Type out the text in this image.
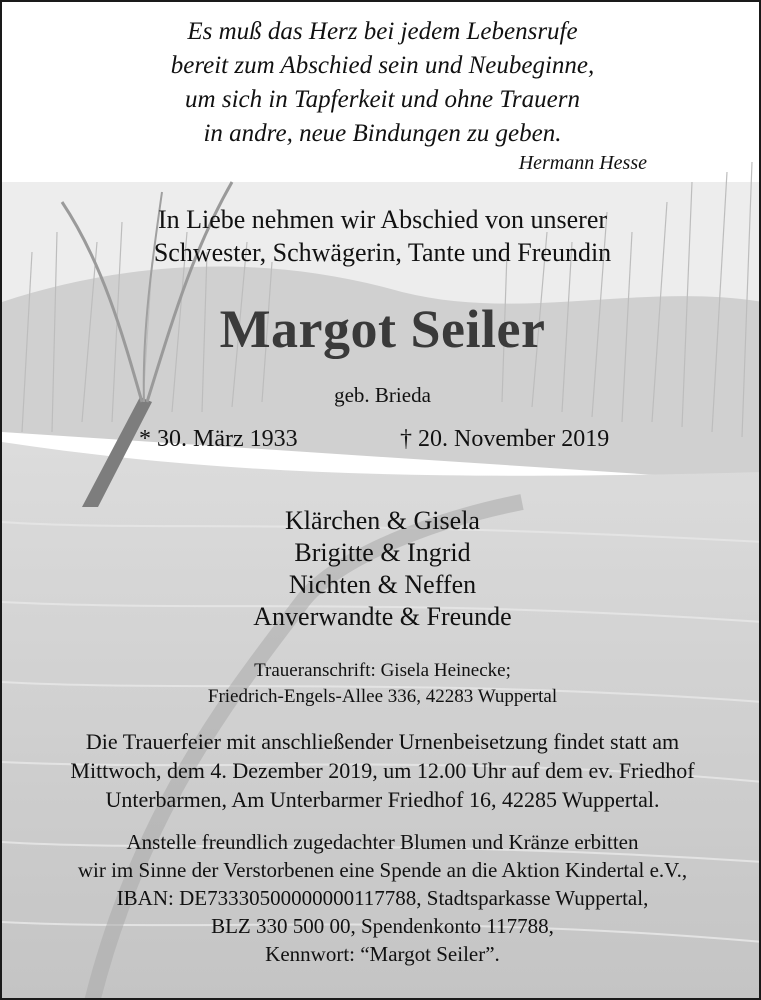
Es muß das Herz bei jedem Lebensrufe
bereit zum Abschied sein und Neubeginne,
um sich in Tapferkeit und ohne Trauern
in andre, neue Bindungen zu geben.
Hermann Hesse
In Liebe nehmen wir Abschied von unserer
Schwester, Schwägerin, Tante und Freundin
Margot Seiler
geb. Brieda
* 30. März 1933	† 20. November 2019
Klärchen & Gisela
Brigitte & Ingrid
Nichten & Neffen
Anverwandte & Freunde
Traueranschrift: Gisela Heinecke;
Friedrich-Engels-Allee 336, 42283 Wuppertal
Die Trauerfeier mit anschließender Urnenbeisetzung findet statt am
Mittwoch, dem 4. Dezember 2019, um 12.00 Uhr auf dem ev. Friedhof
Unterbarmen, Am Unterbarmer Friedhof 16, 42285 Wuppertal.
Anstelle freundlich zugedachter Blumen und Kränze erbitten
wir im Sinne der Verstorbenen eine Spende an die Aktion Kindertal e.V.,
IBAN: DE73330500000000117788, Stadtsparkasse Wuppertal,
BLZ 330 500 00, Spendenkonto 117788,
Kennwort: “Margot Seiler”.
